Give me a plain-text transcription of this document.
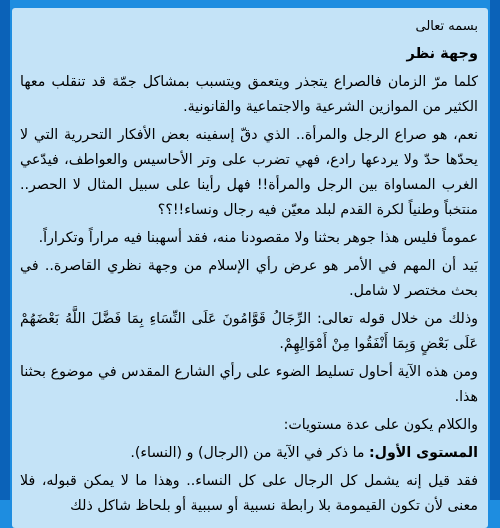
بسمه تعالى

وجهة نظر

كلما مرّ الزمان فالصراع يتجذر ويتعمق ويتسبب بمشاكل جمّة قد تنقلب معها الكثير من الموازين الشرعية والاجتماعية والقانونية.

نعم، هو صراع الرجل والمرأة.. الذي دقّ إسفينه بعض الأفكار التحررية التي لا يحدّها حدّ ولا يردعها رادع، فهي تضرب على وتر الأحاسيس والعواطف، فيدّعي الغرب المساواة بين الرجل والمرأة!! فهل رأينا على سبيل المثال لا الحصر.. منتخباً وطنياً لكرة القدم لبلد معيّن فيه رجال ونساء!!؟؟

عموماً فليس هذا جوهر بحثنا ولا مقصودنا منه، فقد أسهبنا فيه مراراً وتكراراً.

بَيد أن المهم في الأمر هو عرض رأي الإسلام من وجهة نظري القاصرة.. في بحث مختصر لا شامل.

وذلك من خلال قوله تعالى: الرِّجَالُ قَوَّامُونَ عَلَى النِّسَاءِ بِمَا فَضَّلَ اللَّهُ بَعْضَهُمْ عَلَى بَعْضٍ وَبِمَا أَنْفَقُوا مِنْ أَمْوَالِهِمْ.

ومن هذه الآية أحاول تسليط الضوء على رأي الشارع المقدس في موضوع بحثنا هذا.

والكلام يكون على عدة مستويات:

المستوى الأول: ما ذكر في الآية من (الرجال) و (النساء).

فقد قيل إنه يشمل كل الرجال على كل النساء.. وهذا ما لا يمكن قبوله، فلا معنى لأن تكون القيمومة بلا رابطة نسبية أو سببية أو بلحاظ شاكل ذلك
